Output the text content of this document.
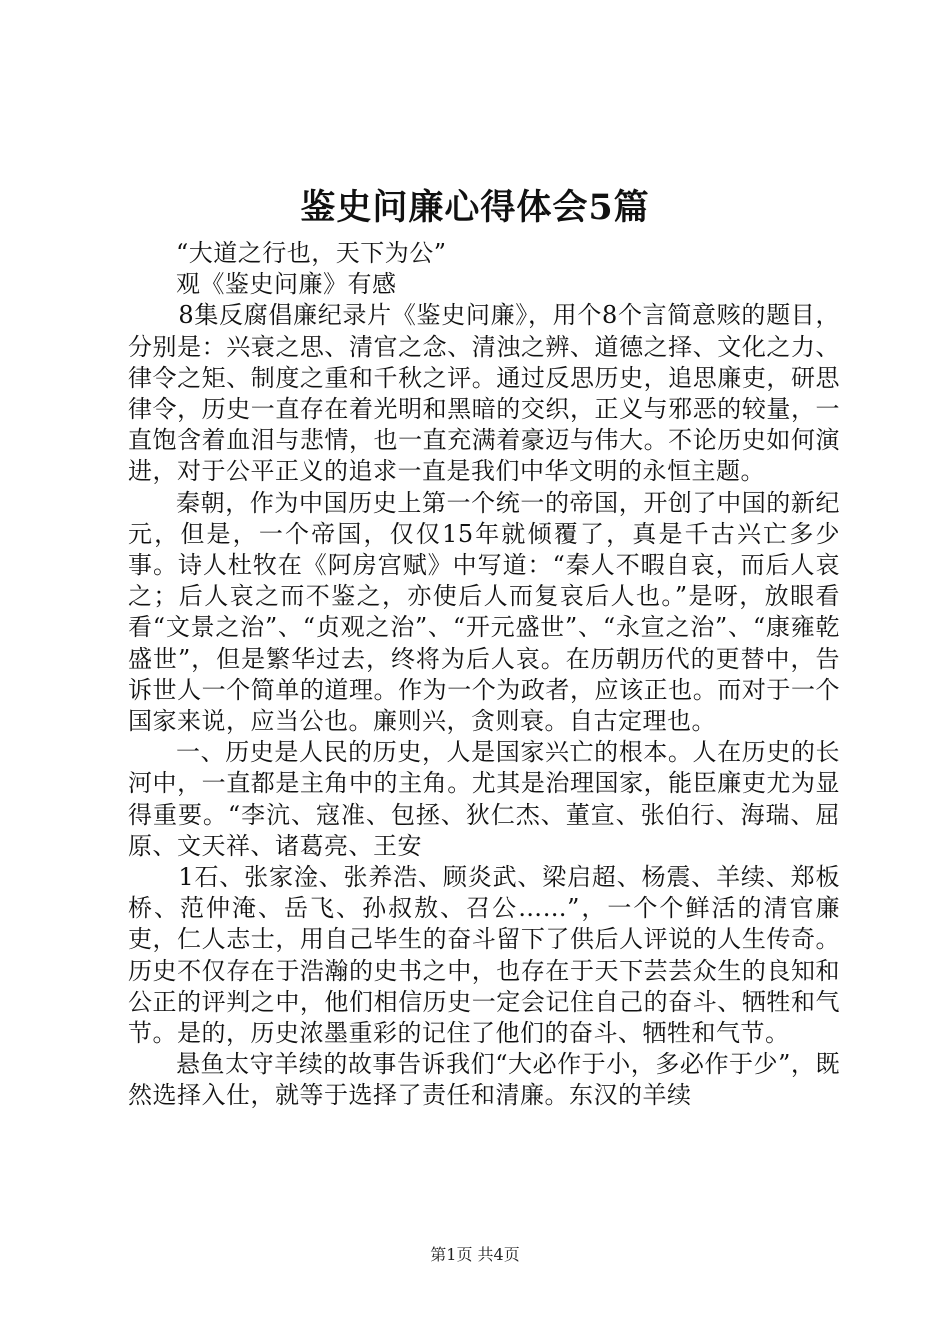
鉴史问廉心得体会5篇

“大道之行也，天下为公”

观《鉴史问廉》有感

8集反腐倡廉纪录片《鉴史问廉》，用个8个言简意赅的题目，分别是：兴衰之思、清官之念、清浊之辨、道德之择、文化之力、律令之矩、制度之重和千秋之评。通过反思历史，追思廉吏，研思律令，历史一直存在着光明和黑暗的交织，正义与邪恶的较量，一直饱含着血泪与悲情，也一直充满着豪迈与伟大。不论历史如何演进，对于公平正义的追求一直是我们中华文明的永恒主题。

秦朝，作为中国历史上第一个统一的帝国，开创了中国的新纪元，但是，一个帝国，仅仅15年就倾覆了，真是千古兴亡多少事。诗人杜牧在《阿房宫赋》中写道：“秦人不暇自哀，而后人哀之；后人哀之而不鉴之，亦使后人而复哀后人也。”是呀，放眼看看“文景之治”、“贞观之治”、“开元盛世”、“永宣之治”、“康雍乾盛世”，但是繁华过去，终将为后人哀。在历朝历代的更替中，告诉世人一个简单的道理。作为一个为政者，应该正也。而对于一个国家来说，应当公也。廉则兴，贪则衰。自古定理也。

一、历史是人民的历史，人是国家兴亡的根本。人在历史的长河中，一直都是主角中的主角。尤其是治理国家，能臣廉吏尤为显得重要。“李沆、寇准、包拯、狄仁杰、董宣、张伯行、海瑞、屈原、文天祥、诸葛亮、王安

1石、张家淦、张养浩、顾炎武、梁启超、杨震、羊续、郑板桥、范仲淹、岳飞、孙叔敖、召公……”，一个个鲜活的清官廉吏，仁人志士，用自己毕生的奋斗留下了供后人评说的人生传奇。历史不仅存在于浩瀚的史书之中，也存在于天下芸芸众生的良知和公正的评判之中，他们相信历史一定会记住自己的奋斗、牺牲和气节。是的，历史浓墨重彩的记住了他们的奋斗、牺牲和气节。

悬鱼太守羊续的故事告诉我们“大必作于小，多必作于少”，既然选择入仕，就等于选择了责任和清廉。东汉的羊续

第1页 共4页
